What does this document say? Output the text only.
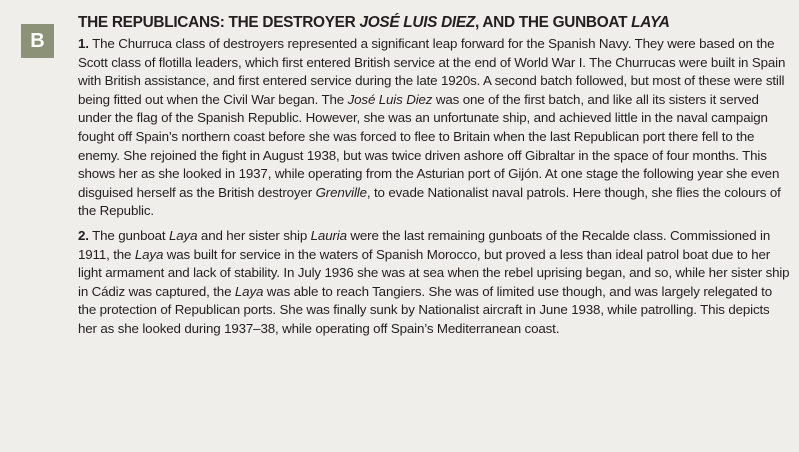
B
THE REPUBLICANS: THE DESTROYER JOSÉ LUIS DIEZ, AND THE GUNBOAT LAYA

1. The Churruca class of destroyers represented a significant leap forward for the Spanish Navy. They were based on the Scott class of flotilla leaders, which first entered British service at the end of World War I. The Churrucas were built in Spain with British assistance, and first entered service during the late 1920s. A second batch followed, but most of these were still being fitted out when the Civil War began. The José Luis Diez was one of the first batch, and like all its sisters it served under the flag of the Spanish Republic. However, she was an unfortunate ship, and achieved little in the naval campaign fought off Spain’s northern coast before she was forced to flee to Britain when the last Republican port there fell to the enemy. She rejoined the fight in August 1938, but was twice driven ashore off Gibraltar in the space of four months. This shows her as she looked in 1937, while operating from the Asturian port of Gijón. At one stage the following year she even disguised herself as the British destroyer Grenville, to evade Nationalist naval patrols. Here though, she flies the colours of the Republic.

2. The gunboat Laya and her sister ship Lauria were the last remaining gunboats of the Recalde class. Commissioned in 1911, the Laya was built for service in the waters of Spanish Morocco, but proved a less than ideal patrol boat due to her light armament and lack of stability. In July 1936 she was at sea when the rebel uprising began, and so, while her sister ship in Cádiz was captured, the Laya was able to reach Tangiers. She was of limited use though, and was largely relegated to the protection of Republican ports. She was finally sunk by Nationalist aircraft in June 1938, while patrolling. This depicts her as she looked during 1937–38, while operating off Spain’s Mediterranean coast.
